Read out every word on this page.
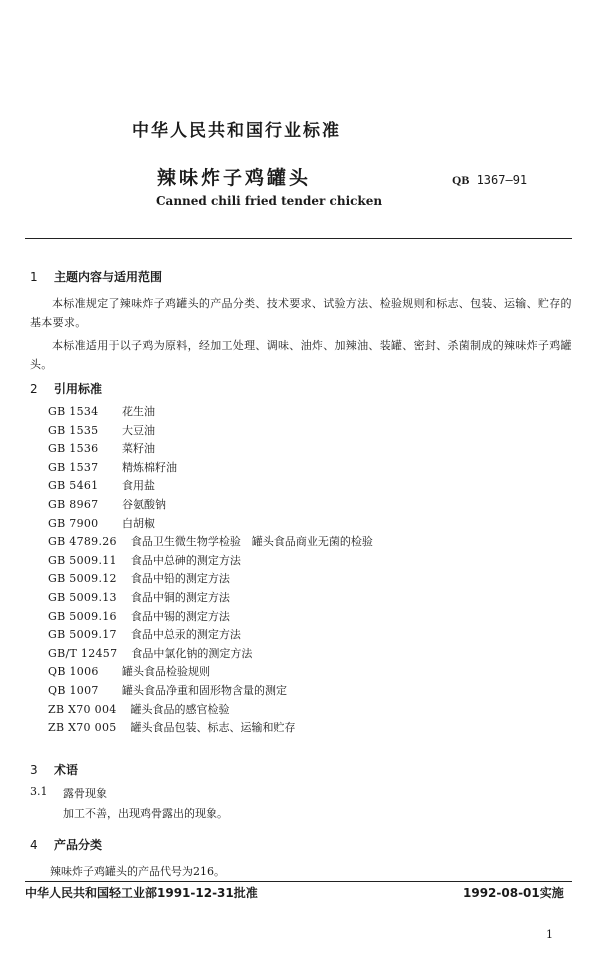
中华人民共和国行业标准
辣味炸子鸡罐头	QB 1367—91
Canned chili fried tender chicken
1 主题内容与适用范围
本标准规定了辣味炸子鸡罐头的产品分类、技术要求、试验方法、检验规则和标志、包装、运输、贮存的基本要求。
本标准适用于以子鸡为原料，经加工处理、调味、油炸、加辣油、装罐、密封、杀菌制成的辣味炸子鸡罐头。
2 引用标准
GB 1534 花生油
GB 1535 大豆油
GB 1536 菜籽油
GB 1537 精炼棉籽油
GB 5461 食用盐
GB 8967 谷氨酸钠
GB 7900 白胡椒
GB 4789.26 食品卫生微生物学检验　罐头食品商业无菌的检验
GB 5009.11 食品中总砷的测定方法
GB 5009.12 食品中铅的测定方法
GB 5009.13 食品中铜的测定方法
GB 5009.16 食品中锡的测定方法
GB 5009.17 食品中总汞的测定方法
GB/T 12457 食品中氯化钠的测定方法
QB 1006 罐头食品检验规则
QB 1007 罐头食品净重和固形物含量的测定
ZB X70 004 罐头食品的感官检验
ZB X70 005 罐头食品包装、标志、运输和贮存
3 术语
3.1 露骨现象
加工不善，出现鸡骨露出的现象。
4 产品分类
辣味炸子鸡罐头的产品代号为216。
中华人民共和国轻工业部1991-12-31批准	1992-08-01实施
1
